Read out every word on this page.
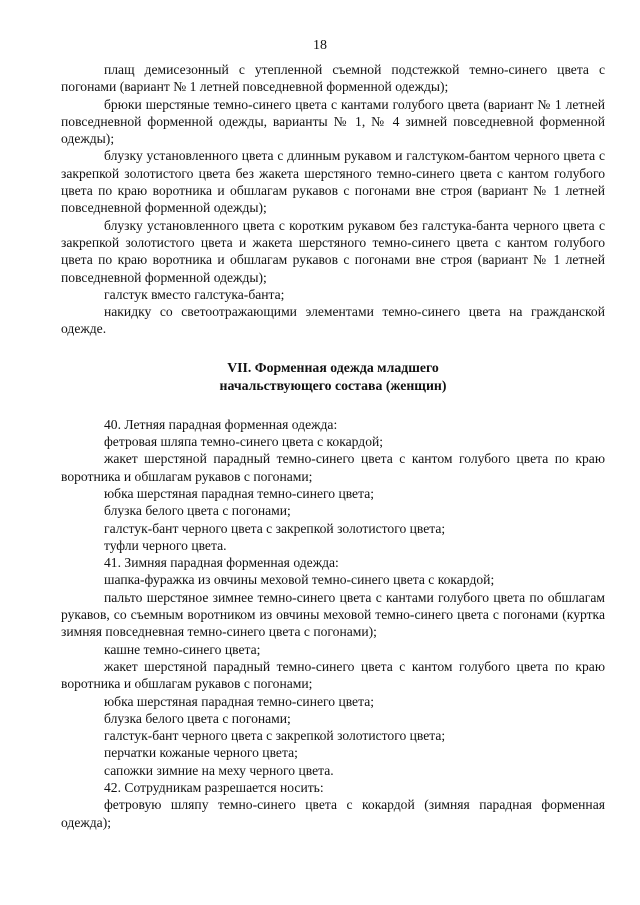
18

плащ демисезонный с утепленной съемной подстежкой темно-синего цвета с погонами (вариант № 1 летней повседневной форменной одежды);

брюки шерстяные темно-синего цвета с кантами голубого цвета (вариант № 1 летней повседневной форменной одежды, варианты № 1, № 4 зимней повседневной форменной одежды);

блузку установленного цвета с длинным рукавом и галстуком-бантом черного цвета с закрепкой золотистого цвета без жакета шерстяного темно-синего цвета с кантом голубого цвета по краю воротника и обшлагам рукавов с погонами вне строя (вариант № 1 летней повседневной форменной одежды);

блузку установленного цвета с коротким рукавом без галстука-банта черного цвета с закрепкой золотистого цвета и жакета шерстяного темно-синего цвета с кантом голубого цвета по краю воротника и обшлагам рукавов с погонами вне строя (вариант № 1 летней повседневной форменной одежды);

галстук вместо галстука-банта;

накидку со светоотражающими элементами темно-синего цвета на гражданской одежде.

VII. Форменная одежда младшего
начальствующего состава (женщин)

40. Летняя парадная форменная одежда:

фетровая шляпа темно-синего цвета с кокардой;

жакет шерстяной парадный темно-синего цвета с кантом голубого цвета по краю воротника и обшлагам рукавов с погонами;

юбка шерстяная парадная темно-синего цвета;

блузка белого цвета с погонами;

галстук-бант черного цвета с закрепкой золотистого цвета;

туфли черного цвета.

41. Зимняя парадная форменная одежда:

шапка-фуражка из овчины меховой темно-синего цвета с кокардой;

пальто шерстяное зимнее темно-синего цвета с кантами голубого цвета по обшлагам рукавов, со съемным воротником из овчины меховой темно-синего цвета с погонами (куртка зимняя повседневная темно-синего цвета с погонами);

кашне темно-синего цвета;

жакет шерстяной парадный темно-синего цвета с кантом голубого цвета по краю воротника и обшлагам рукавов с погонами;

юбка шерстяная парадная темно-синего цвета;

блузка белого цвета с погонами;

галстук-бант черного цвета с закрепкой золотистого цвета;

перчатки кожаные черного цвета;

сапожки зимние на меху черного цвета.

42. Сотрудникам разрешается носить:

фетровую шляпу темно-синего цвета с кокардой (зимняя парадная форменная одежда);
